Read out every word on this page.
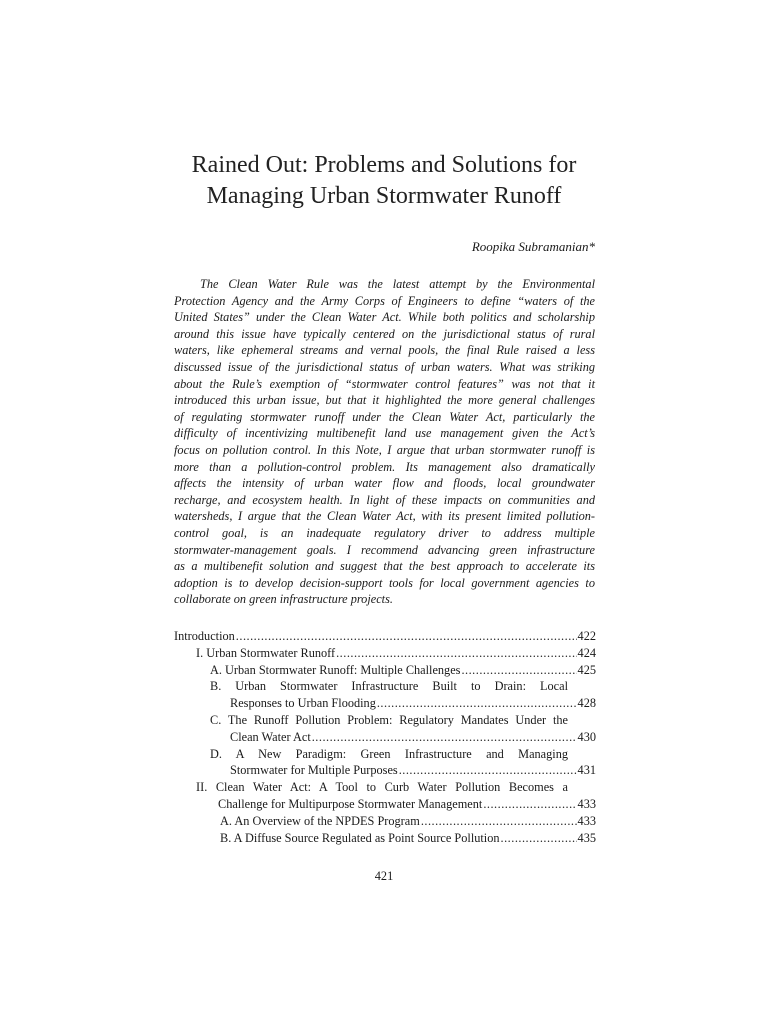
Rained Out: Problems and Solutions for
Managing Urban Stormwater Runoff
Roopika Subramanian*
The Clean Water Rule was the latest attempt by the Environmental
Protection Agency and the Army Corps of Engineers to define “waters of the
United States” under the Clean Water Act. While both politics and scholarship
around this issue have typically centered on the jurisdictional status of rural
waters, like ephemeral streams and vernal pools, the final Rule raised a less
discussed issue of the jurisdictional status of urban waters. What was striking
about the Rule’s exemption of “stormwater control features” was not that it
introduced this urban issue, but that it highlighted the more general challenges
of regulating stormwater runoff under the Clean Water Act, particularly the
difficulty of incentivizing multibenefit land use management given the Act’s
focus on pollution control. In this Note, I argue that urban stormwater runoff is
more than a pollution-control problem. Its management also dramatically
affects the intensity of urban water flow and floods, local groundwater
recharge, and ecosystem health. In light of these impacts on communities and
watersheds, I argue that the Clean Water Act, with its present limited pollution-
control goal, is an inadequate regulatory driver to address multiple
stormwater-management goals. I recommend advancing green infrastructure
as a multibenefit solution and suggest that the best approach to accelerate its
adoption is to develop decision-support tools for local government agencies to
collaborate on green infrastructure projects.
Introduction .....	422
I. Urban Stormwater Runoff .....	424
A. Urban Stormwater Runoff: Multiple Challenges .....	425
B. Urban Stormwater Infrastructure Built to Drain: Local
Responses to Urban Flooding .....	428
C. The Runoff Pollution Problem: Regulatory Mandates Under the
Clean Water Act .....	430
D. A New Paradigm: Green Infrastructure and Managing
Stormwater for Multiple Purposes .....	431
II. Clean Water Act: A Tool to Curb Water Pollution Becomes a
Challenge for Multipurpose Stormwater Management .....	433
A. An Overview of the NPDES Program .....	433
B. A Diffuse Source Regulated as Point Source Pollution .....	435
421
